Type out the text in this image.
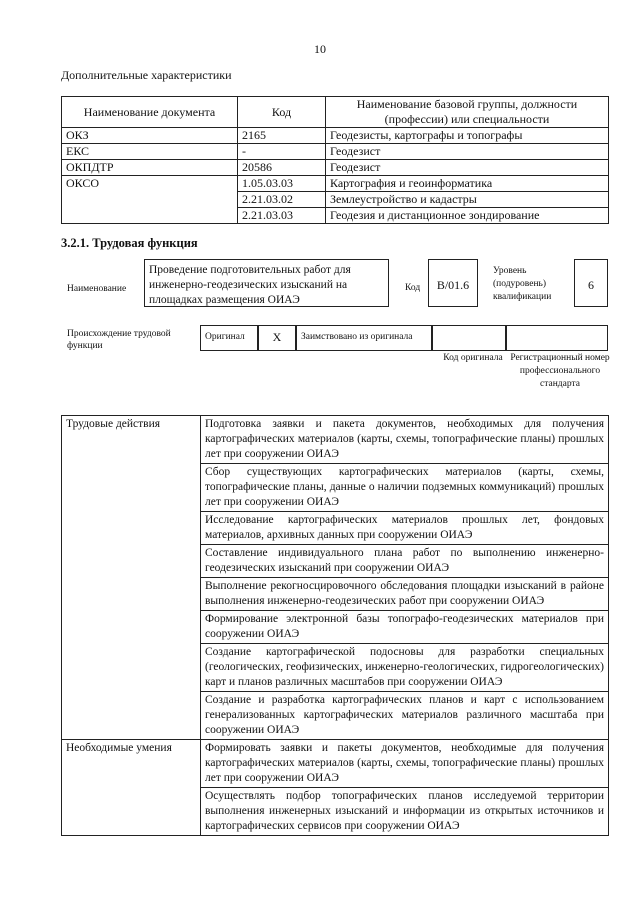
10
Дополнительные характеристики
Наименование документа	Код	Наименование базовой группы, должности (профессии) или специальности
ОКЗ	2165	Геодезисты, картографы и топографы
ЕКС	-	Геодезист
ОКПДТР	20586	Геодезист
ОКСО	1.05.03.03	Картография и геоинформатика
	2.21.03.02	Землеустройство и кадастры
	2.21.03.03	Геодезия и дистанционное зондирование
3.2.1. Трудовая функция
Наименование
Проведение подготовительных работ для инженерно-геодезических изысканий на площадках размещения ОИАЭ
Код	B/01.6
Уровень (подуровень) квалификации
6
Происхождение трудовой функции
Оригинал	X	Заимствовано из оригинала
Код оригинала Регистрационный номер профессионального стандарта
Трудовые действия	Подготовка заявки и пакета документов, необходимых для получения картографических материалов (карты, схемы, топографические планы) прошлых лет при сооружении ОИАЭ
	Сбор существующих картографических материалов (карты, схемы, топографические планы, данные о наличии подземных коммуникаций) прошлых лет при сооружении ОИАЭ
	Исследование картографических материалов прошлых лет, фондовых материалов, архивных данных при сооружении ОИАЭ
	Составление индивидуального плана работ по выполнению инженерно-геодезических изысканий при сооружении ОИАЭ
	Выполнение рекогносцировочного обследования площадки изысканий в районе выполнения инженерно-геодезических работ при сооружении ОИАЭ
	Формирование электронной базы топографо-геодезических материалов при сооружении ОИАЭ
	Создание картографической подосновы для разработки специальных (геологических, геофизических, инженерно-геологических, гидрогеологических) карт и планов различных масштабов при сооружении ОИАЭ
	Создание и разработка картографических планов и карт с использованием генерализованных картографических материалов различного масштаба при сооружении ОИАЭ
Необходимые умения	Формировать заявки и пакеты документов, необходимые для получения картографических материалов (карты, схемы, топографические планы) прошлых лет при сооружении ОИАЭ
	Осуществлять подбор топографических планов исследуемой территории выполнения инженерных изысканий и информации из открытых источников и картографических сервисов при сооружении ОИАЭ
